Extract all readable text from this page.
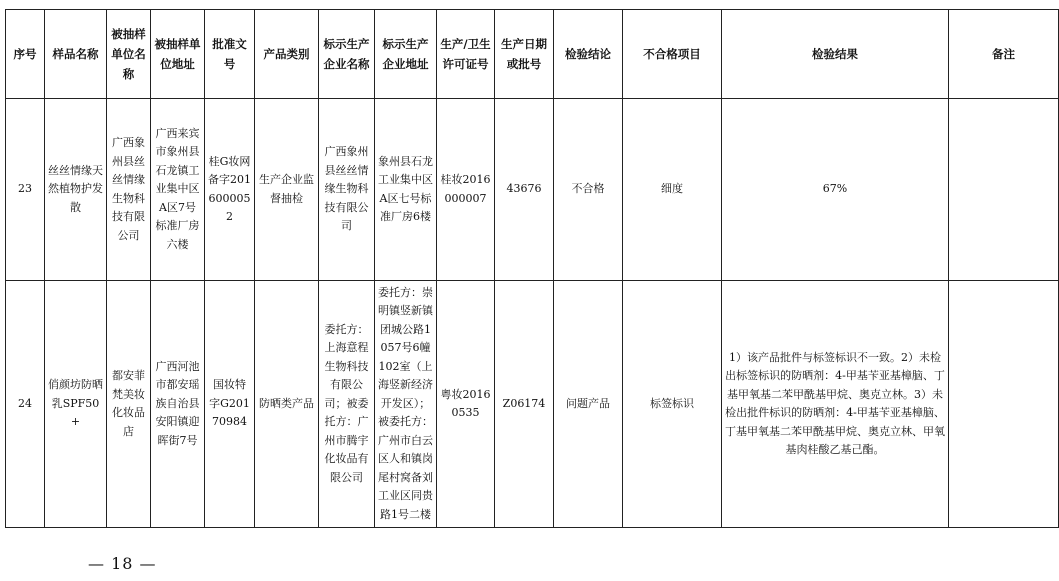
序号	样品名称	被抽样单位名称	被抽样单位地址	批准文号	产品类别	标示生产企业名称	标示生产企业地址	生产/卫生许可证号	生产日期或批号	检验结论	不合格项目	检验结果	备注
23	丝丝情缘天然植物护发散	广西象州县丝丝情缘生物科技有限公司	广西来宾市象州县石龙镇工业集中区A区7号标准厂房六楼	桂G妆网备字2016000052	生产企业监督抽检	广西象州县丝丝情缘生物科技有限公司	象州县石龙工业集中区A区七号标准厂房6楼	桂妆2016000007	43676	不合格	细度	67%	
24	俏颜坊防晒乳SPF50+	都安菲梵美妆化妆品店	广西河池市都安瑶族自治县安阳镇迎晖街7号	国妆特字G20170984	防晒类产品	委托方：上海意程生物科技有限公司；被委托方：广州市腾宇化妆品有限公司	委托方：崇明镇竖新镇团城公路1057号6幢102室（上海竖新经济开发区）；被委托方：广州市白云区人和镇岗尾村窝备刘工业区同贵路1号二楼	粤妆20160535	Z06174	问题产品	标签标识	1）该产品批件与标签标识不一致。2）未检出标签标识的防晒剂：4-甲基苄亚基樟脑、丁基甲氧基二苯甲酰基甲烷、奥克立林。3）未检出批件标识的防晒剂：4-甲基苄亚基樟脑、丁基甲氧基二苯甲酰基甲烷、奥克立林、甲氧基肉桂酸乙基己酯。	
— 18 —
